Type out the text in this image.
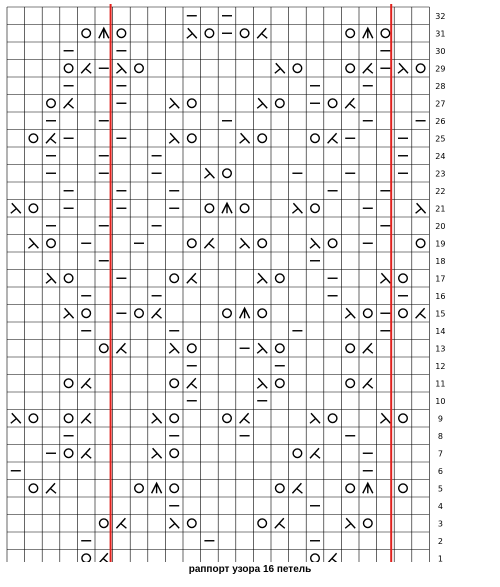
1
2
3
4
5
6
7
8
9
10
11
12
13
14
15
16
17
18
19
20
21
22
23
24
25
26
27
28
29
30
31
32
раппорт узора 16 петель
